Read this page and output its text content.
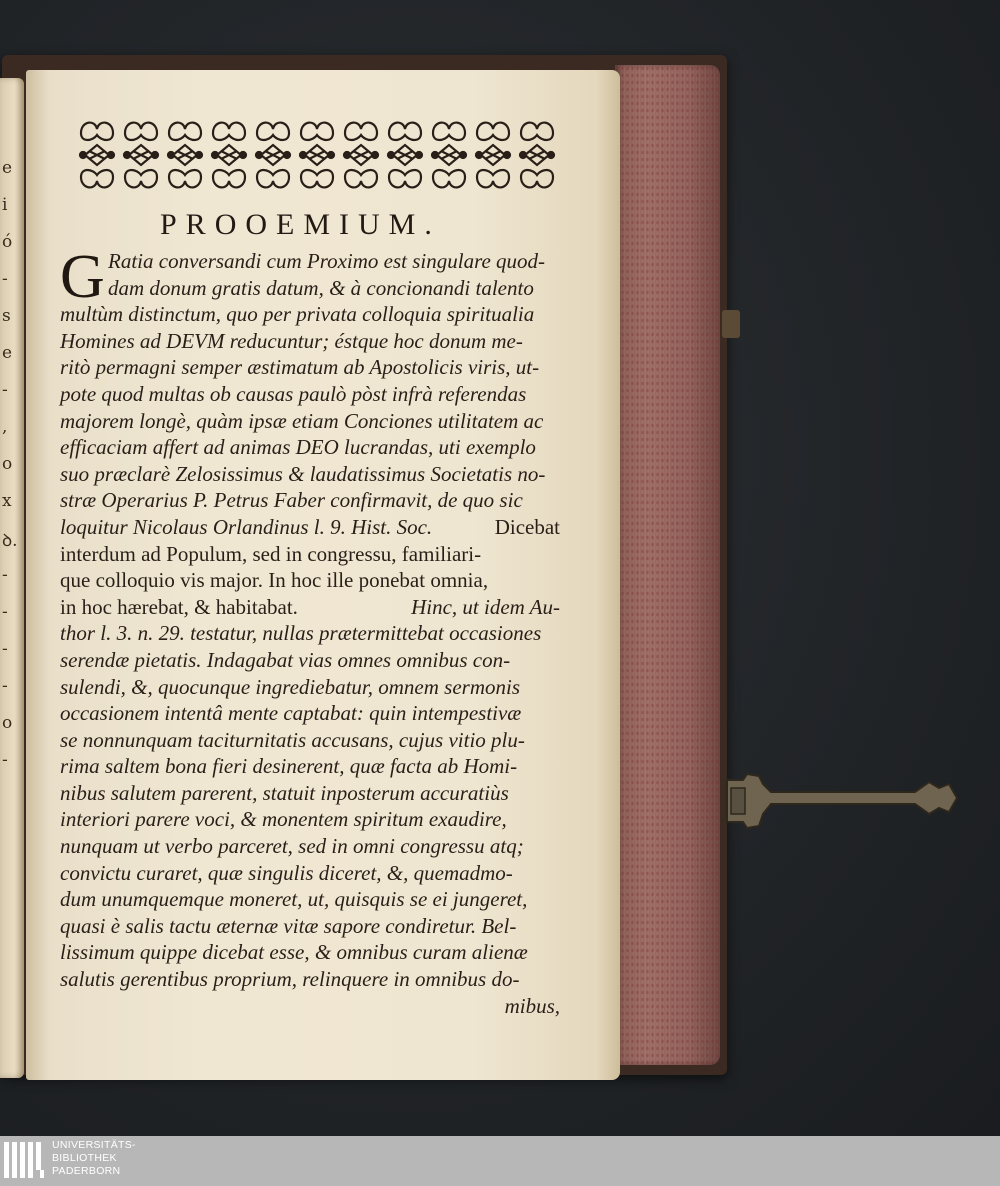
e
i
ó
-
s
e
-
,
o
x
ꝺ.
-
-
-
-
o
-
PROOEMIUM.
G Ratia conversandi cum Proximo est singulare quod-
dam donum gratis datum, & à concionandi talento
multùm distinctum, quo per privata colloquia spiritualia
Homines ad DEVM reducuntur; éstque hoc donum me-
ritò permagni semper æstimatum ab Apostolicis viris, ut-
pote quod multas ob causas paulò pòst infrà referendas
majorem longè, quàm ipsæ etiam Conciones utilitatem ac
efficaciam affert ad animas DEO lucrandas, uti exemplo
suo præclarè Zelosissimus & laudatissimus Societatis no-
stræ Operarius P. Petrus Faber confirmavit, de quo sic
loquitur Nicolaus Orlandinus l. 9. Hist. Soc.	Dicebat
interdum ad Populum, sed in congressu, familiari-
que colloquio vis major. In hoc ille ponebat omnia,
in hoc hærebat, & habitabat.	Hinc, ut idem Au-
thor l. 3. n. 29. testatur, nullas prætermittebat occasiones
serendæ pietatis. Indagabat vias omnes omnibus con-
sulendi, &, quocunque ingrediebatur, omnem sermonis
occasionem intentâ mente captabat: quin intempestivæ
se nonnunquam taciturnitatis accusans, cujus vitio plu-
rima saltem bona fieri desinerent, quæ facta ab Homi-
nibus salutem parerent, statuit inposterum accuratiùs
interiori parere voci, & monentem spiritum exaudire,
nunquam ut verbo parceret, sed in omni congressu atq;
convictu curaret, quæ singulis diceret, &, quemadmo-
dum unumquemque moneret, ut, quisquis se ei jungeret,
quasi è salis tactu æternæ vitæ sapore condiretur. Bel-
lissimum quippe dicebat esse, & omnibus curam alienæ
salutis gerentibus proprium, relinquere in omnibus do-
mibus,
UNIVERSITÄTS-
BIBLIOTHEK
PADERBORN
